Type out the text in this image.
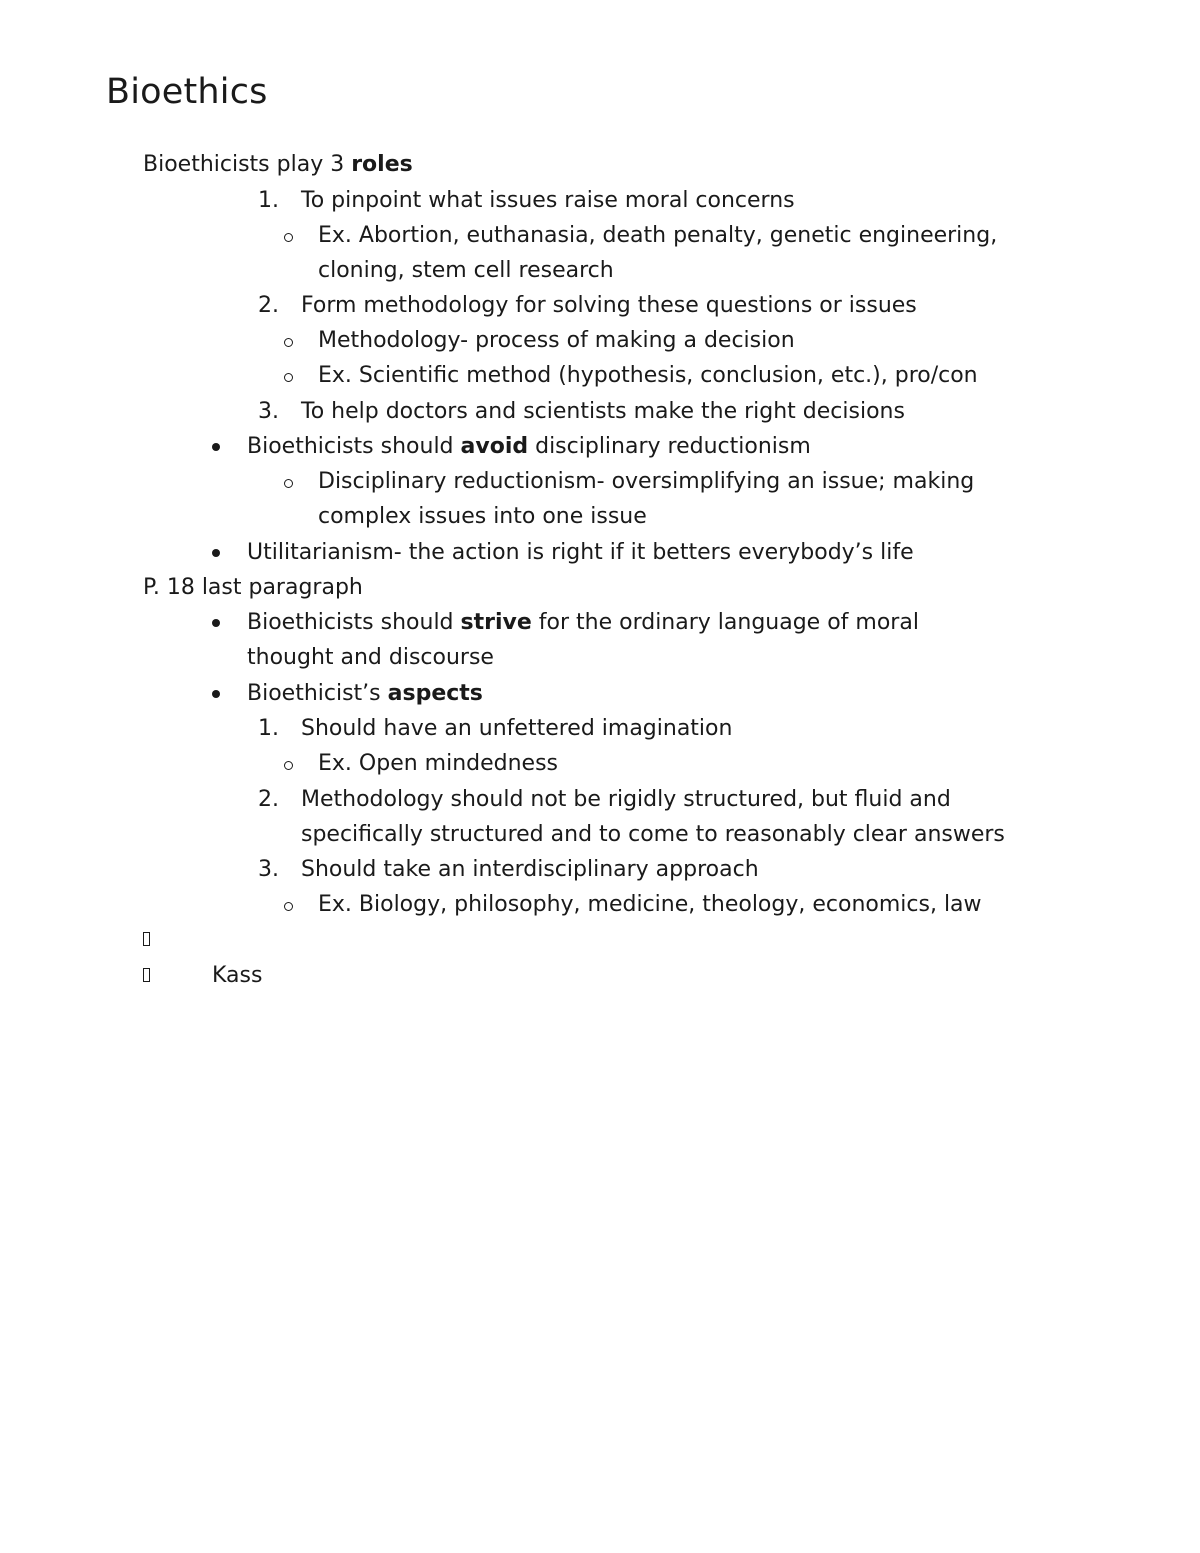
Bioethics
Bioethicists play 3 roles
1. To pinpoint what issues raise moral concerns
Ex. Abortion, euthanasia, death penalty, genetic engineering,
cloning, stem cell research
2. Form methodology for solving these questions or issues
Methodology- process of making a decision
Ex. Scientific method (hypothesis, conclusion, etc.), pro/con
3. To help doctors and scientists make the right decisions
Bioethicists should avoid disciplinary reductionism
Disciplinary reductionism- oversimplifying an issue; making
complex issues into one issue
Utilitarianism- the action is right if it betters everybody’s life
P. 18 last paragraph
Bioethicists should strive for the ordinary language of moral
thought and discourse
Bioethicist’s aspects
1. Should have an unfettered imagination
Ex. Open mindedness
2. Methodology should not be rigidly structured, but fluid and
specifically structured and to come to reasonably clear answers
3. Should take an interdisciplinary approach
Ex. Biology, philosophy, medicine, theology, economics, law
Kass
